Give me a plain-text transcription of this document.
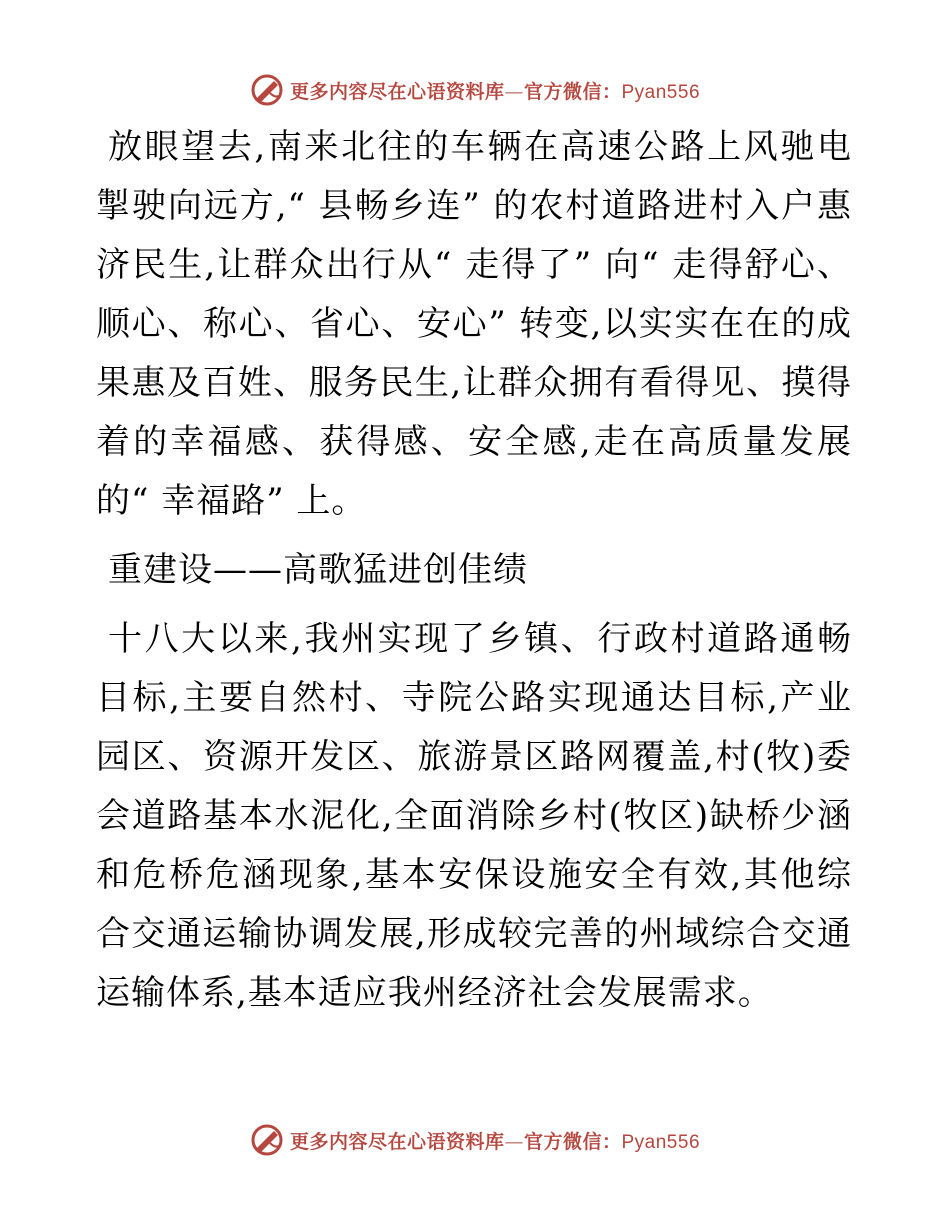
更多内容尽在心语资料库—官方微信：Pyan556

放眼望去,南来北往的车辆在高速公路上风驰电掣驶向远方,“ 县畅乡连” 的农村道路进村入户惠济民生,让群众出行从“ 走得了” 向“ 走得舒心、顺心、称心、省心、安心” 转变,以实实在在的成果惠及百姓、服务民生,让群众拥有看得见、摸得着的幸福感、获得感、安全感,走在高质量发展的“ 幸福路” 上。

重建设——高歌猛进创佳绩

十八大以来,我州实现了乡镇、行政村道路通畅目标,主要自然村、寺院公路实现通达目标,产业园区、资源开发区、旅游景区路网覆盖,村(牧)委会道路基本水泥化,全面消除乡村(牧区)缺桥少涵和危桥危涵现象,基本安保设施安全有效,其他综合交通运输协调发展,形成较完善的州域综合交通运输体系,基本适应我州经济社会发展需求。

更多内容尽在心语资料库—官方微信：Pyan556
